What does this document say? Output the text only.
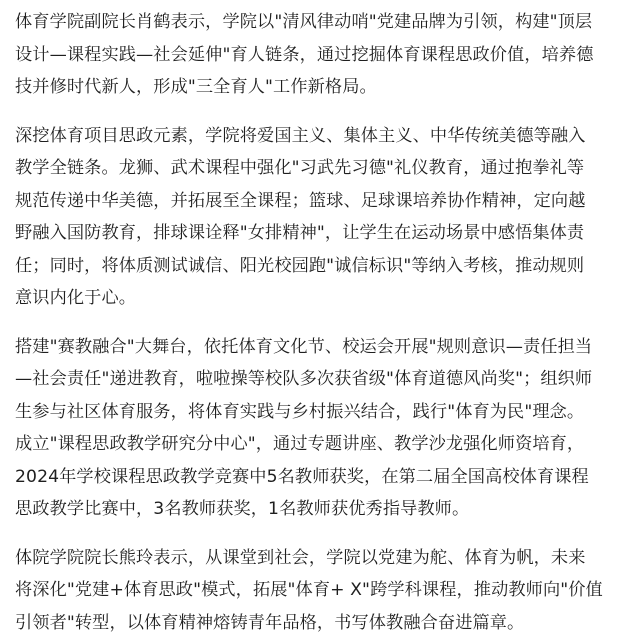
体育学院副院长肖鹤表示，学院以"清风律动哨"党建品牌为引领，构建"顶层
设计—课程实践—社会延伸"育人链条，通过挖掘体育课程思政价值，培养德
技并修时代新人，形成"三全育人"工作新格局。

深挖体育项目思政元素，学院将爱国主义、集体主义、中华传统美德等融入
教学全链条。龙狮、武术课程中强化"习武先习德"礼仪教育，通过抱拳礼等
规范传递中华美德，并拓展至全课程；篮球、足球课培养协作精神，定向越
野融入国防教育，排球课诠释"女排精神"，让学生在运动场景中感悟集体责
任；同时，将体质测试诚信、阳光校园跑"诚信标识"等纳入考核，推动规则
意识内化于心。

搭建"赛教融合"大舞台，依托体育文化节、校运会开展"规则意识—责任担当
—社会责任"递进教育，啦啦操等校队多次获省级"体育道德风尚奖"；组织师
生参与社区体育服务，将体育实践与乡村振兴结合，践行"体育为民"理念。
成立"课程思政教学研究分中心"，通过专题讲座、教学沙龙强化师资培育，
2024年学校课程思政教学竞赛中5名教师获奖，在第二届全国高校体育课程
思政教学比赛中，3名教师获奖，1名教师获优秀指导教师。

体院学院院长熊玲表示，从课堂到社会，学院以党建为舵、体育为帆，未来
将深化"党建+体育思政"模式，拓展"体育+ X"跨学科课程，推动教师向"价值
引领者"转型，以体育精神熔铸青年品格，书写体教融合奋进篇章。
